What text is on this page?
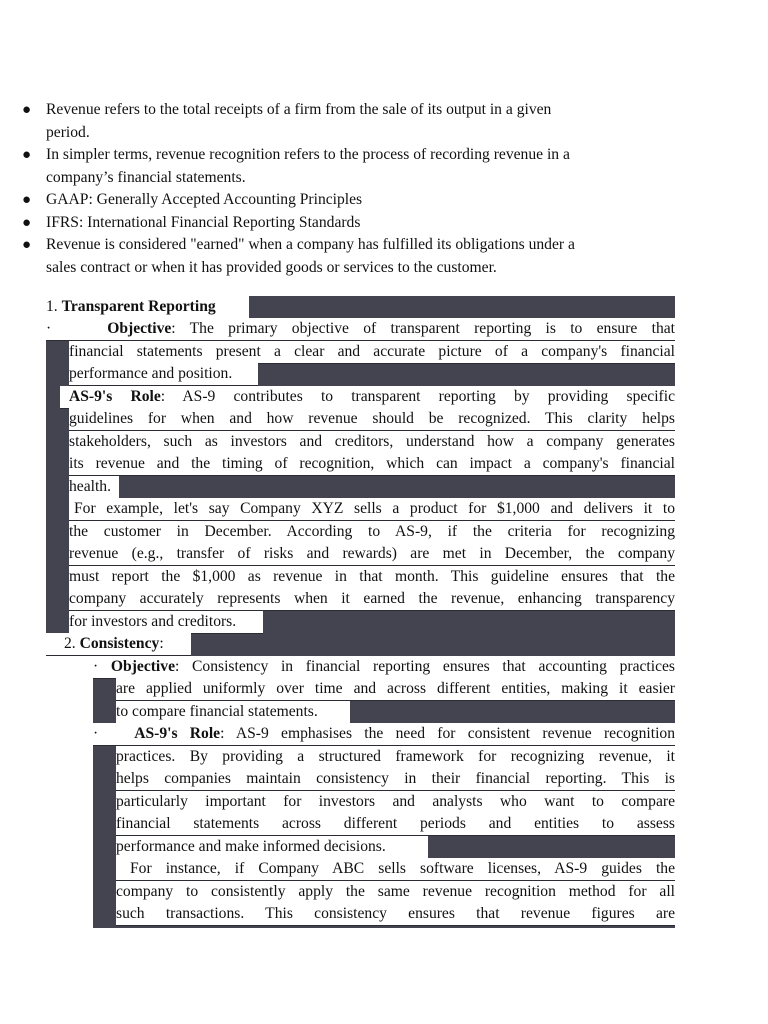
● Revenue refers to the total receipts of a firm from the sale of its output in a given
period.
● In simpler terms, revenue recognition refers to the process of recording revenue in a
company’s financial statements.
● GAAP: Generally Accepted Accounting Principles
● IFRS: International Financial Reporting Standards
● Revenue is considered "earned" when a company has fulfilled its obligations under a
sales contract or when it has provided goods or services to the customer.
1. Transparent Reporting
·	Objective: The primary objective of transparent reporting is to ensure that
financial statements present a clear and accurate picture of a company's financial
performance and position.
AS-9's Role: AS-9 contributes to transparent reporting by providing specific
guidelines for when and how revenue should be recognized. This clarity helps
stakeholders, such as investors and creditors, understand how a company generates
its revenue and the timing of recognition, which can impact a company's financial
health.
For example, let's say Company XYZ sells a product for $1,000 and delivers it to
the customer in December. According to AS-9, if the criteria for recognizing
revenue (e.g., transfer of risks and rewards) are met in December, the company
must report the $1,000 as revenue in that month. This guideline ensures that the
company accurately represents when it earned the revenue, enhancing transparency
for investors and creditors.
2. Consistency:
· Objective: Consistency in financial reporting ensures that accounting practices
are applied uniformly over time and across different entities, making it easier
to compare financial statements.
· AS-9's Role: AS-9 emphasises the need for consistent revenue recognition
practices. By providing a structured framework for recognizing revenue, it
helps companies maintain consistency in their financial reporting. This is
particularly important for investors and analysts who want to compare
financial statements across different periods and entities to assess
performance and make informed decisions.
For instance, if Company ABC sells software licenses, AS-9 guides the
company to consistently apply the same revenue recognition method for all
such transactions. This consistency ensures that revenue figures are
